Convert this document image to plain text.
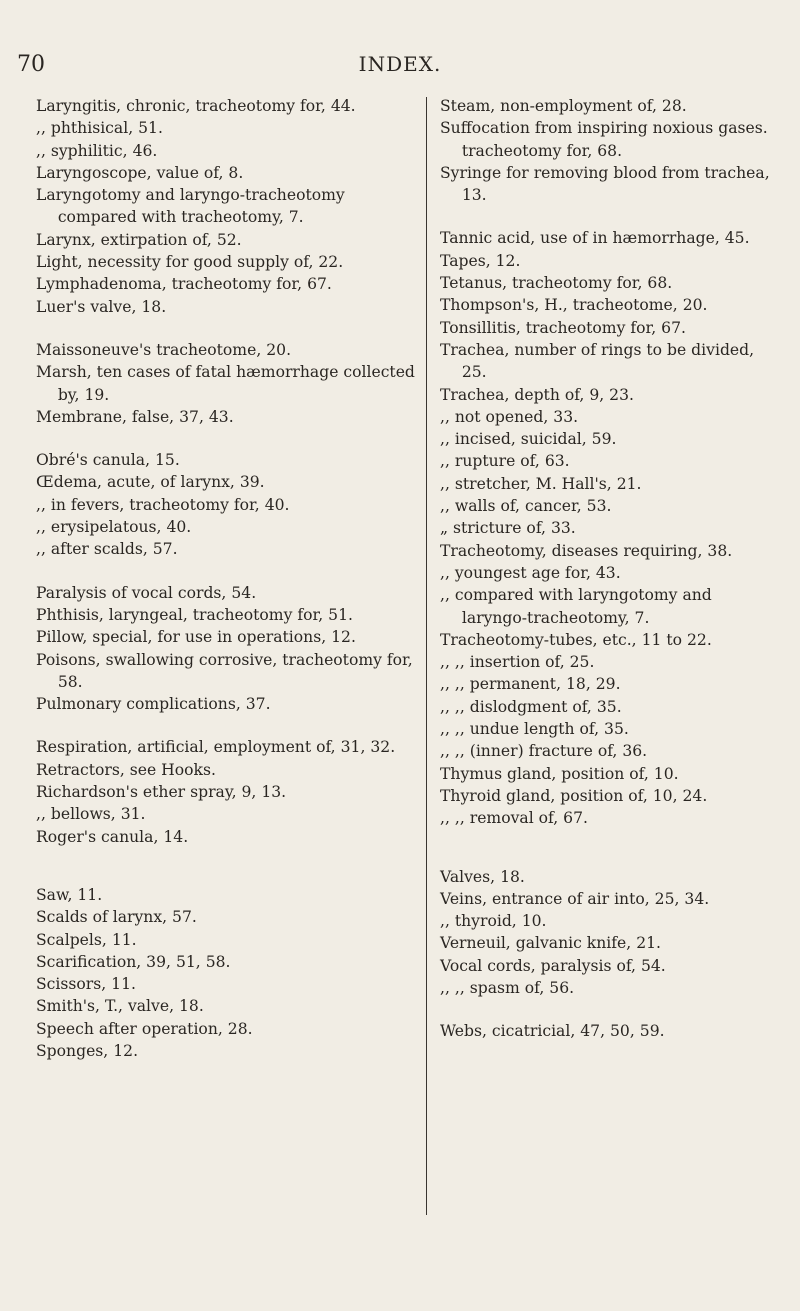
70	INDEX.

Laryngitis, chronic, tracheotomy for, 44.

,, phthisical, 51.

,, syphilitic, 46.

Laryngoscope, value of, 8.

Laryngotomy and laryngo-tracheotomy compared with tracheotomy, 7.

Larynx, extirpation of, 52.

Light, necessity for good supply of, 22.

Lymphadenoma, tracheotomy for, 67.

Luer's valve, 18.

Maissoneuve's tracheotome, 20.

Marsh, ten cases of fatal hæmorrhage collected by, 19.

Membrane, false, 37, 43.

Obré's canula, 15.

Œdema, acute, of larynx, 39.

,, in fevers, tracheotomy for, 40.

,, erysipelatous, 40.

,, after scalds, 57.

Paralysis of vocal cords, 54.

Phthisis, laryngeal, tracheotomy for, 51.

Pillow, special, for use in operations, 12.

Poisons, swallowing corrosive, tracheotomy for, 58.

Pulmonary complications, 37.

Respiration, artificial, employment of, 31, 32.

Retractors, see Hooks.

Richardson's ether spray, 9, 13.

,, bellows, 31.

Roger's canula, 14.

Saw, 11.

Scalds of larynx, 57.

Scalpels, 11.

Scarification, 39, 51, 58.

Scissors, 11.

Smith's, T., valve, 18.

Speech after operation, 28.

Sponges, 12.

Steam, non-employment of, 28.

Suffocation from inspiring noxious gases. tracheotomy for, 68.

Syringe for removing blood from trachea, 13.

Tannic acid, use of in hæmorrhage, 45.

Tapes, 12.

Tetanus, tracheotomy for, 68.

Thompson's, H., tracheotome, 20.

Tonsillitis, tracheotomy for, 67.

Trachea, number of rings to be divided, 25.

Trachea, depth of, 9, 23.

,, not opened, 33.

,, incised, suicidal, 59.

,, rupture of, 63.

,, stretcher, M. Hall's, 21.

,, walls of, cancer, 53.

„ stricture of, 33.

Tracheotomy, diseases requiring, 38.

,, youngest age for, 43.

,, compared with laryngotomy and laryngo-tracheotomy, 7.

Tracheotomy-tubes, etc., 11 to 22.

,, ,, insertion of, 25.

,, ,, permanent, 18, 29.

,, ,, dislodgment of, 35.

,, ,, undue length of, 35.

,, ,, (inner) fracture of, 36.

Thymus gland, position of, 10.

Thyroid gland, position of, 10, 24.

,, ,, removal of, 67.

Valves, 18.

Veins, entrance of air into, 25, 34.

,, thyroid, 10.

Verneuil, galvanic knife, 21.

Vocal cords, paralysis of, 54.

,, ,, spasm of, 56.

Webs, cicatricial, 47, 50, 59.
